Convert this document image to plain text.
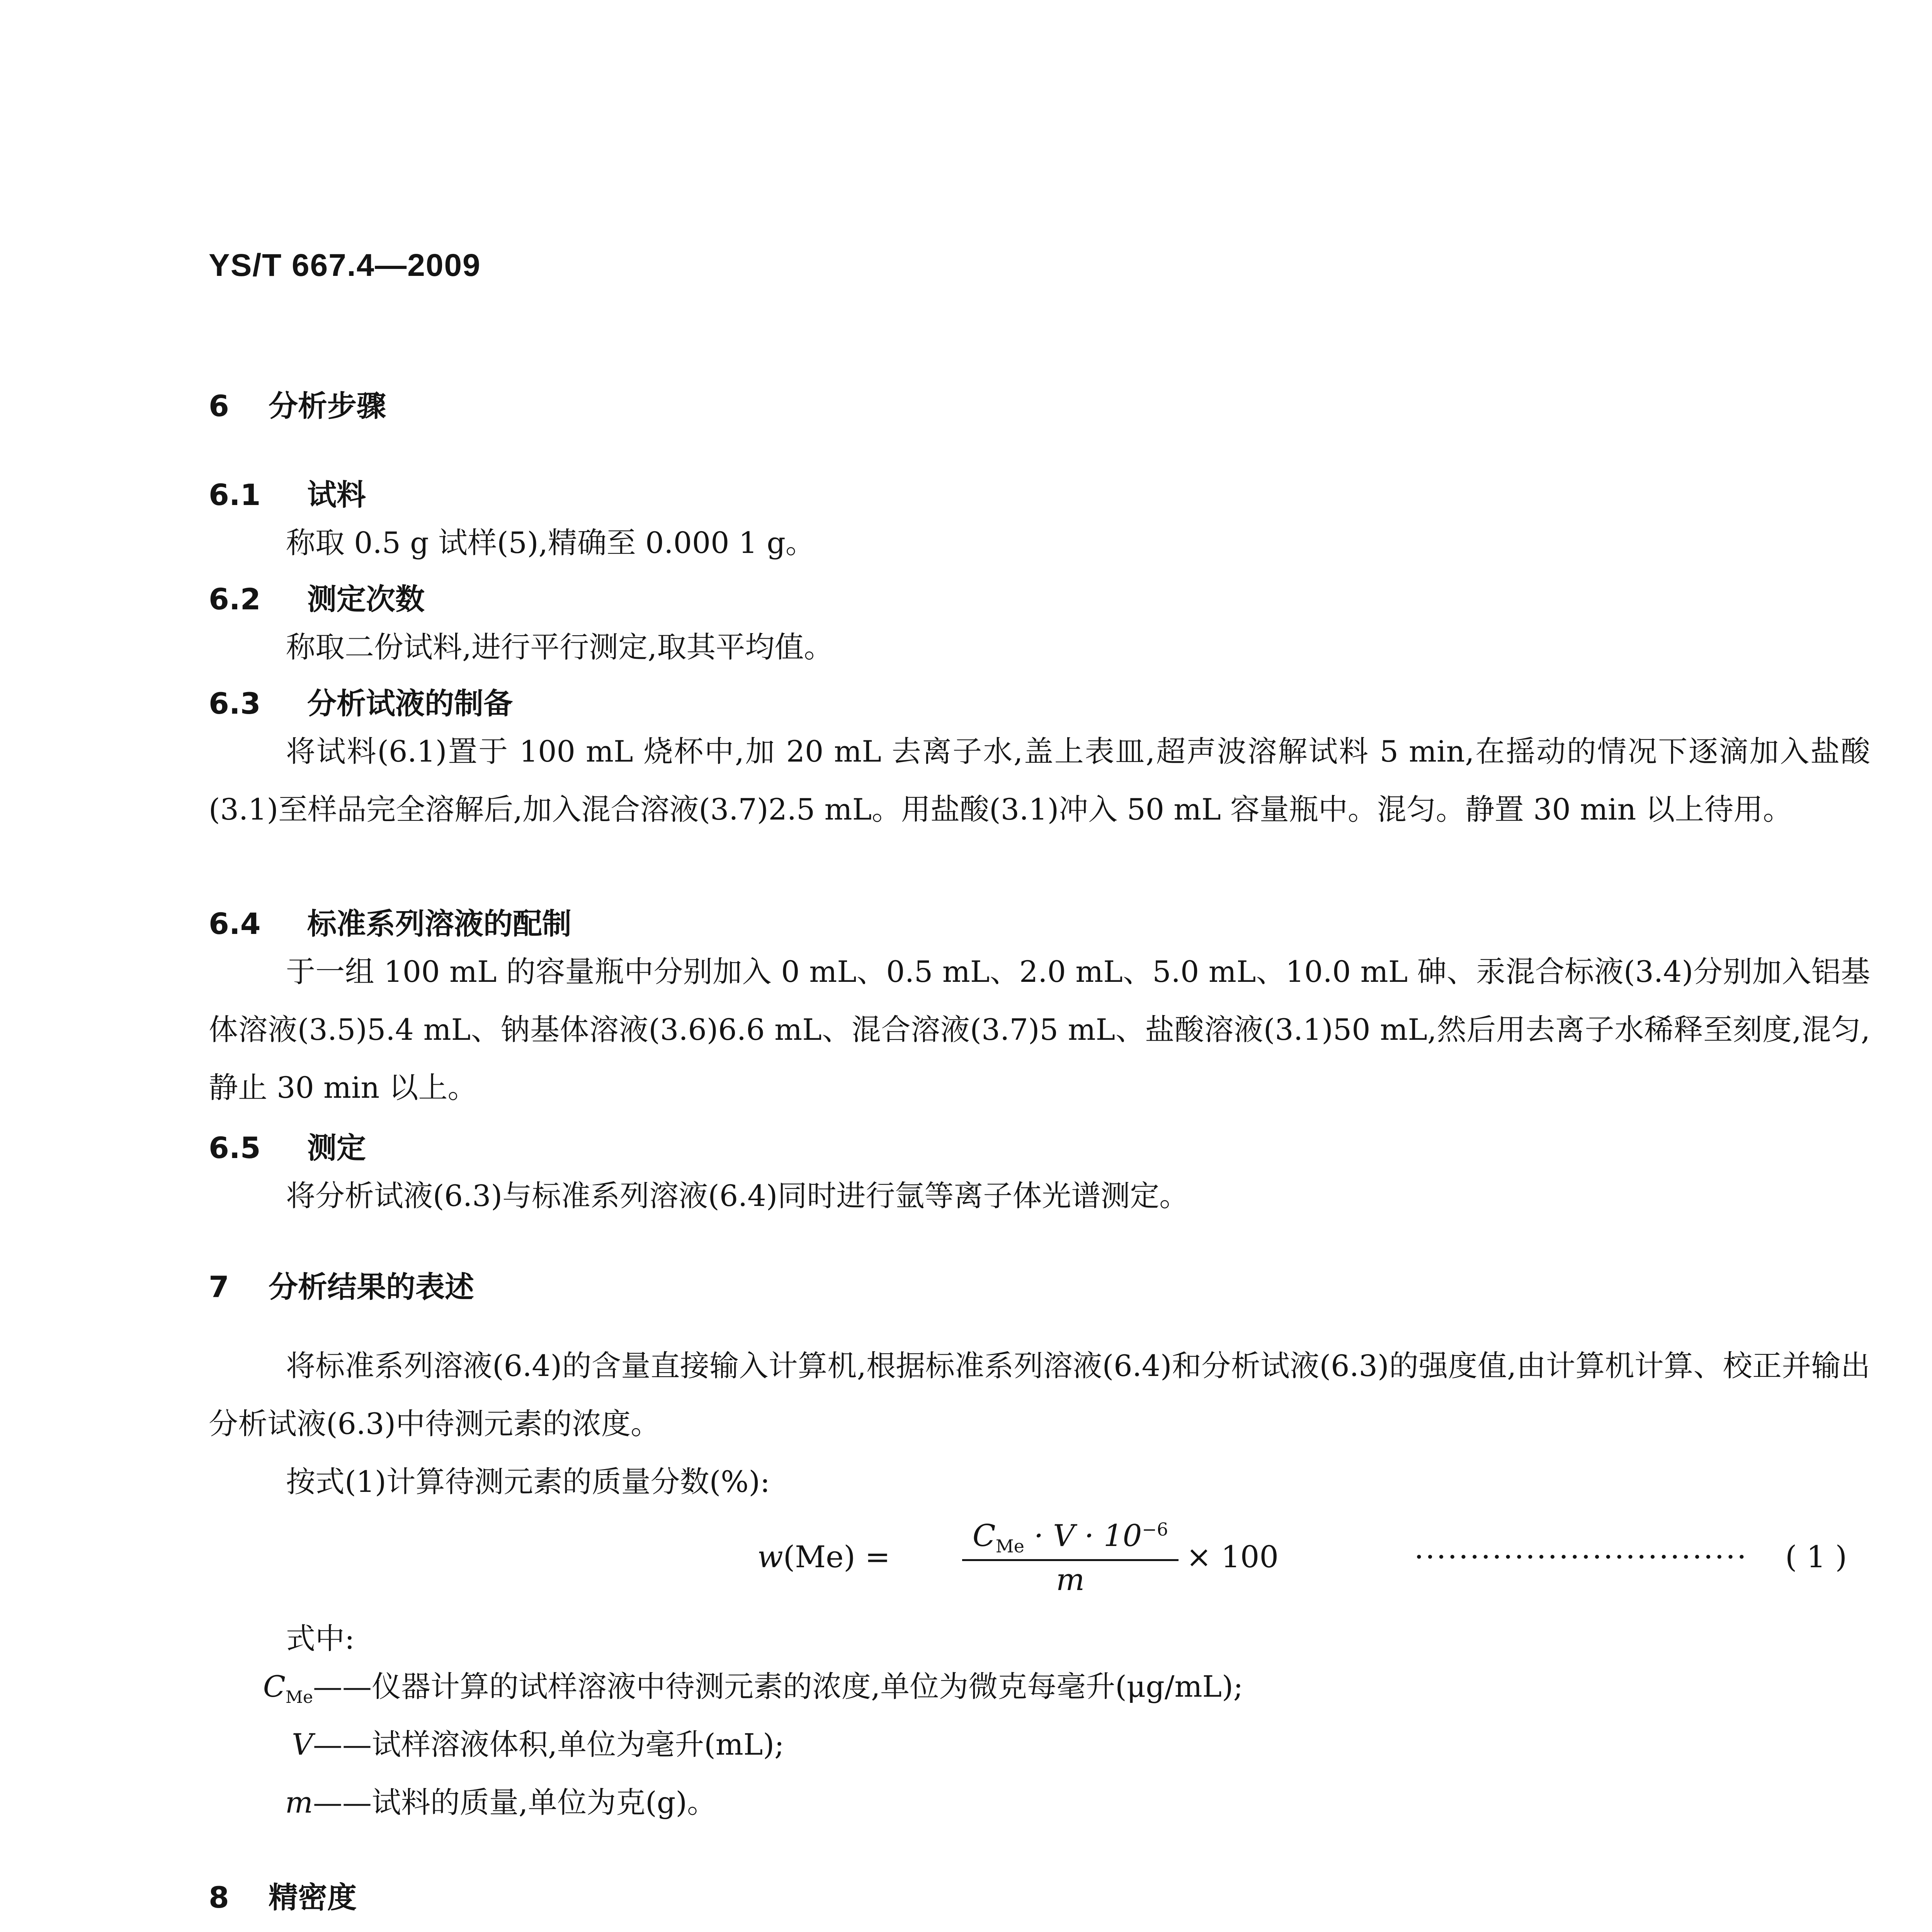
YS/T 667.4—2009
6 分析步骤
6.1 试料
称取 0.5 g 试样(5),精确至 0.000 1 g。
6.2 测定次数
称取二份试料,进行平行测定,取其平均值。
6.3 分析试液的制备
将试料(6.1)置于 100 mL 烧杯中,加 20 mL 去离子水,盖上表皿,超声波溶解试料 5 min,在摇动的情况下逐滴加入盐酸(3.1)至样品完全溶解后,加入混合溶液(3.7)2.5 mL。用盐酸(3.1)冲入 50 mL 容量瓶中。混匀。静置 30 min 以上待用。
6.4 标准系列溶液的配制
于一组 100 mL 的容量瓶中分别加入 0 mL、0.5 mL、2.0 mL、5.0 mL、10.0 mL 砷、汞混合标液(3.4)分别加入铝基体溶液(3.5)5.4 mL、钠基体溶液(3.6)6.6 mL、混合溶液(3.7)5 mL、盐酸溶液(3.1)50 mL,然后用去离子水稀释至刻度,混匀,静止 30 min 以上。
6.5 测定
将分析试液(6.3)与标准系列溶液(6.4)同时进行氩等离子体光谱测定。
7 分析结果的表述
将标准系列溶液(6.4)的含量直接输入计算机,根据标准系列溶液(6.4)和分析试液(6.3)的强度值,由计算机计算、校正并输出分析试液(6.3)中待测元素的浓度。
按式(1)计算待测元素的质量分数(%):
w(Me) =
$C_{Me} \cdot V \cdot 10^{-6}$
m
× 100	······························ ( 1 )
式中:
$C_{Me}——$仪器计算的试样溶液中待测元素的浓度,单位为微克每毫升(μg/mL);
V——试样溶液体积,单位为毫升(mL);
m——试料的质量,单位为克(g)。
8 精密度
